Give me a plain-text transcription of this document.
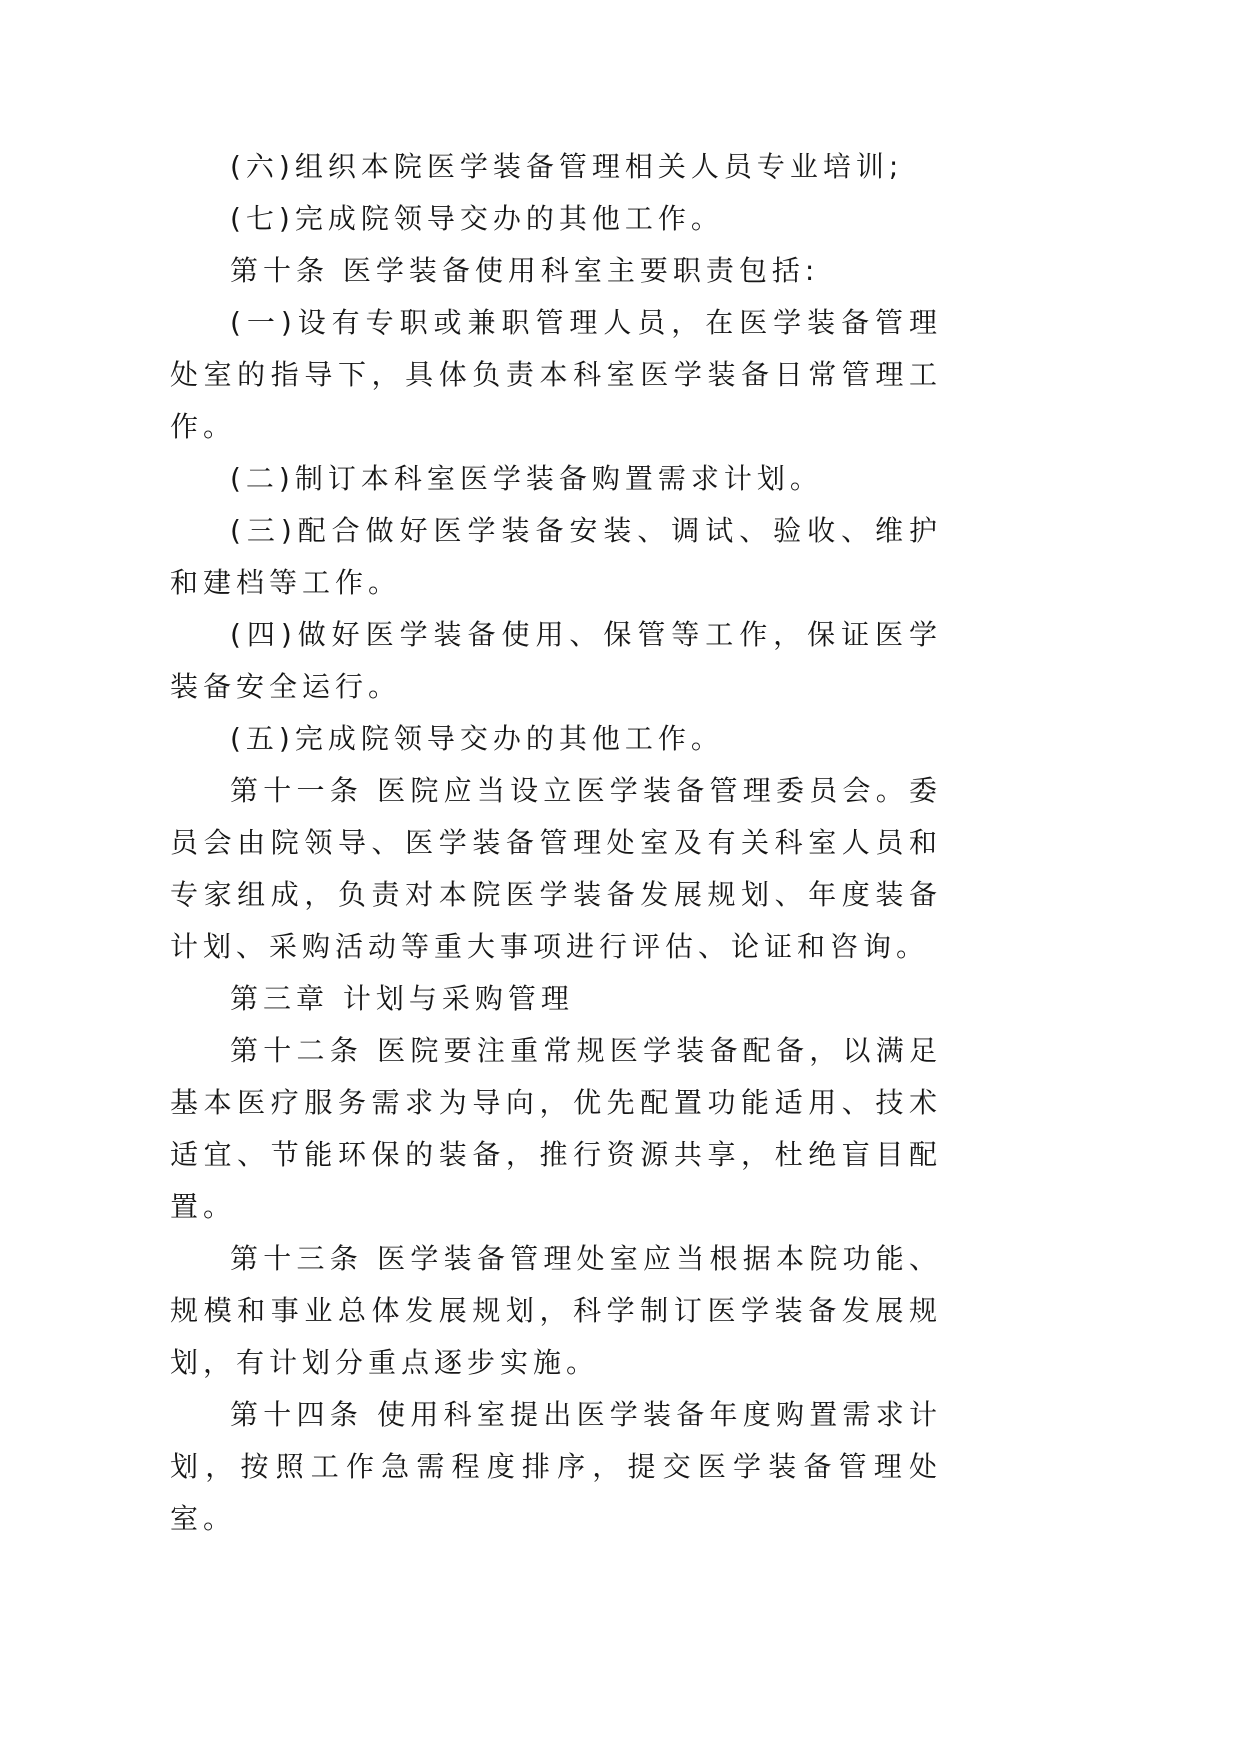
(六)组织本院医学装备管理相关人员专业培训;

(七)完成院领导交办的其他工作。

第十条 医学装备使用科室主要职责包括:

(一)设有专职或兼职管理人员，在医学装备管理处室的指导下，具体负责本科室医学装备日常管理工作。

(二)制订本科室医学装备购置需求计划。

(三)配合做好医学装备安装、调试、验收、维护和建档等工作。

(四)做好医学装备使用、保管等工作，保证医学装备安全运行。

(五)完成院领导交办的其他工作。

第十一条 医院应当设立医学装备管理委员会。委员会由院领导、医学装备管理处室及有关科室人员和专家组成，负责对本院医学装备发展规划、年度装备计划、采购活动等重大事项进行评估、论证和咨询。

第三章 计划与采购管理

第十二条 医院要注重常规医学装备配备，以满足基本医疗服务需求为导向，优先配置功能适用、技术适宜、节能环保的装备，推行资源共享，杜绝盲目配置。

第十三条 医学装备管理处室应当根据本院功能、规模和事业总体发展规划，科学制订医学装备发展规划，有计划分重点逐步实施。

第十四条 使用科室提出医学装备年度购置需求计划，按照工作急需程度排序，提交医学装备管理处室。
